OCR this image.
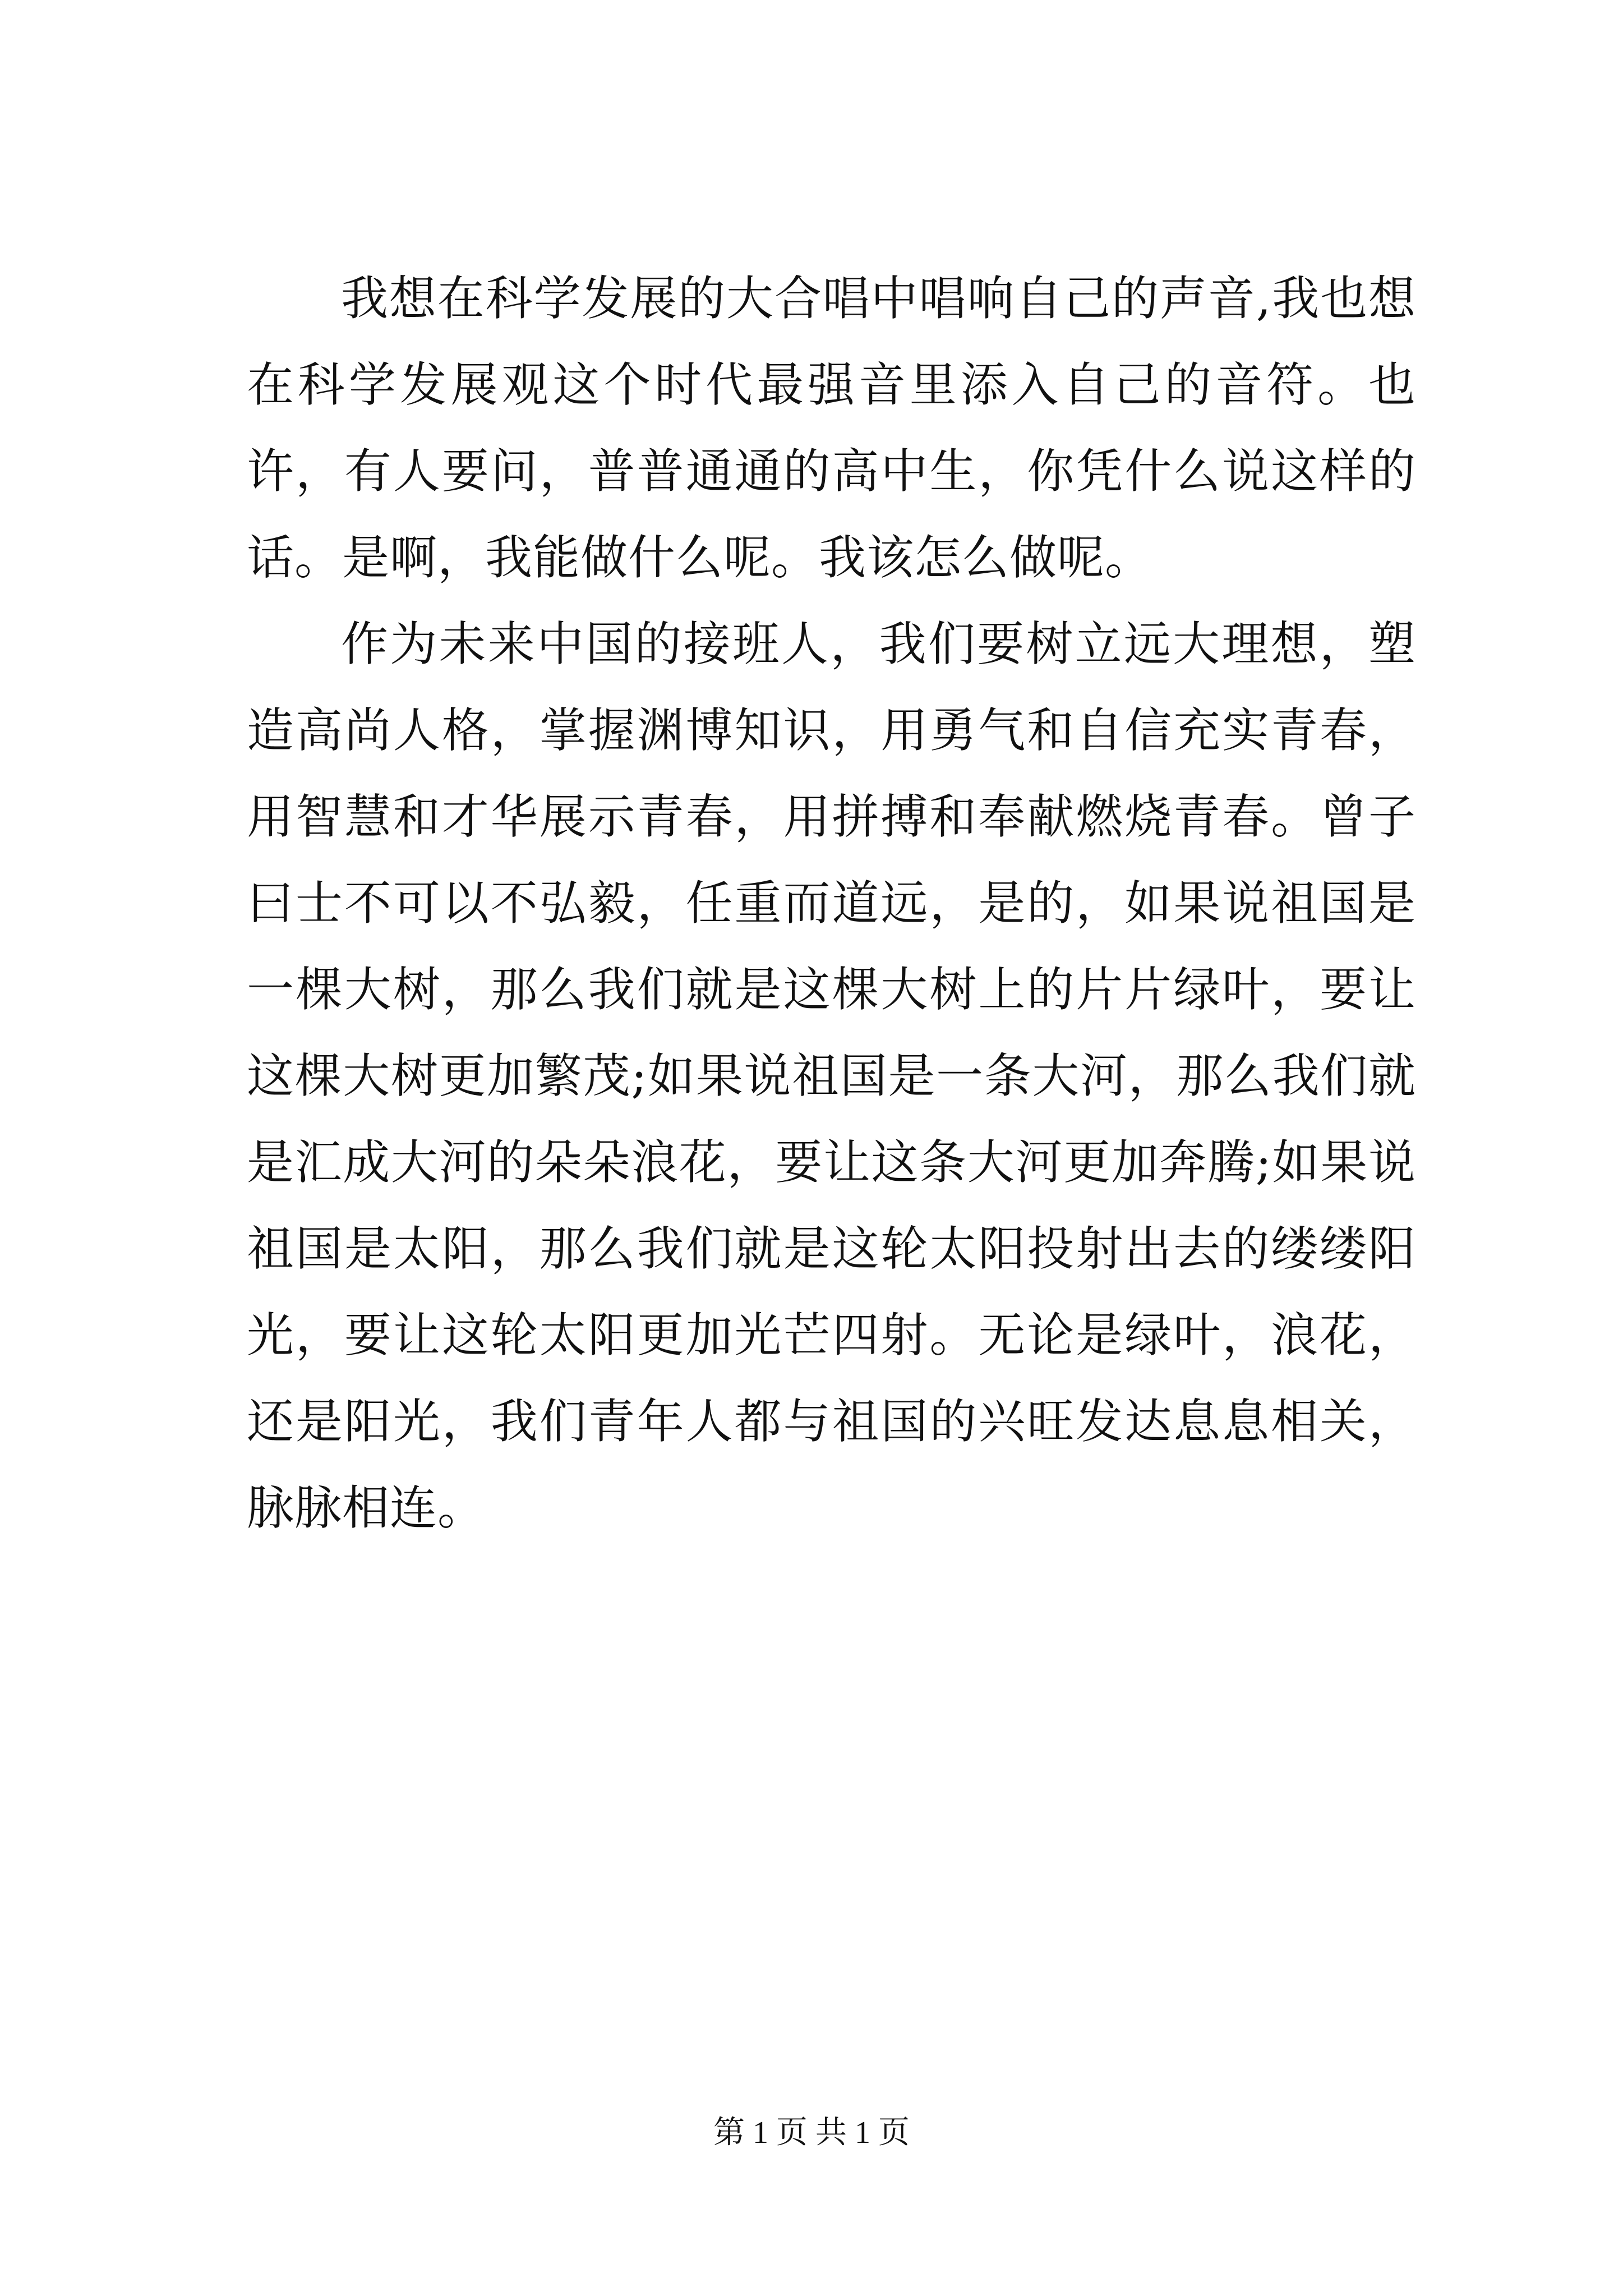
我想在科学发展的大合唱中唱响自己的声音,我也想在科学发展观这个时代最强音里添入自己的音符。也许，有人要问，普普通通的高中生，你凭什么说这样的话。是啊，我能做什么呢。我该怎么做呢。

作为未来中国的接班人，我们要树立远大理想，塑造高尚人格，掌握渊博知识，用勇气和自信充实青春，用智慧和才华展示青春，用拼搏和奉献燃烧青春。曾子曰士不可以不弘毅，任重而道远，是的，如果说祖国是一棵大树，那么我们就是这棵大树上的片片绿叶，要让这棵大树更加繁茂;如果说祖国是一条大河，那么我们就是汇成大河的朵朵浪花，要让这条大河更加奔腾;如果说祖国是太阳，那么我们就是这轮太阳投射出去的缕缕阳光，要让这轮太阳更加光芒四射。无论是绿叶，浪花，还是阳光，我们青年人都与祖国的兴旺发达息息相关，脉脉相连。

第 1 页 共 1 页
